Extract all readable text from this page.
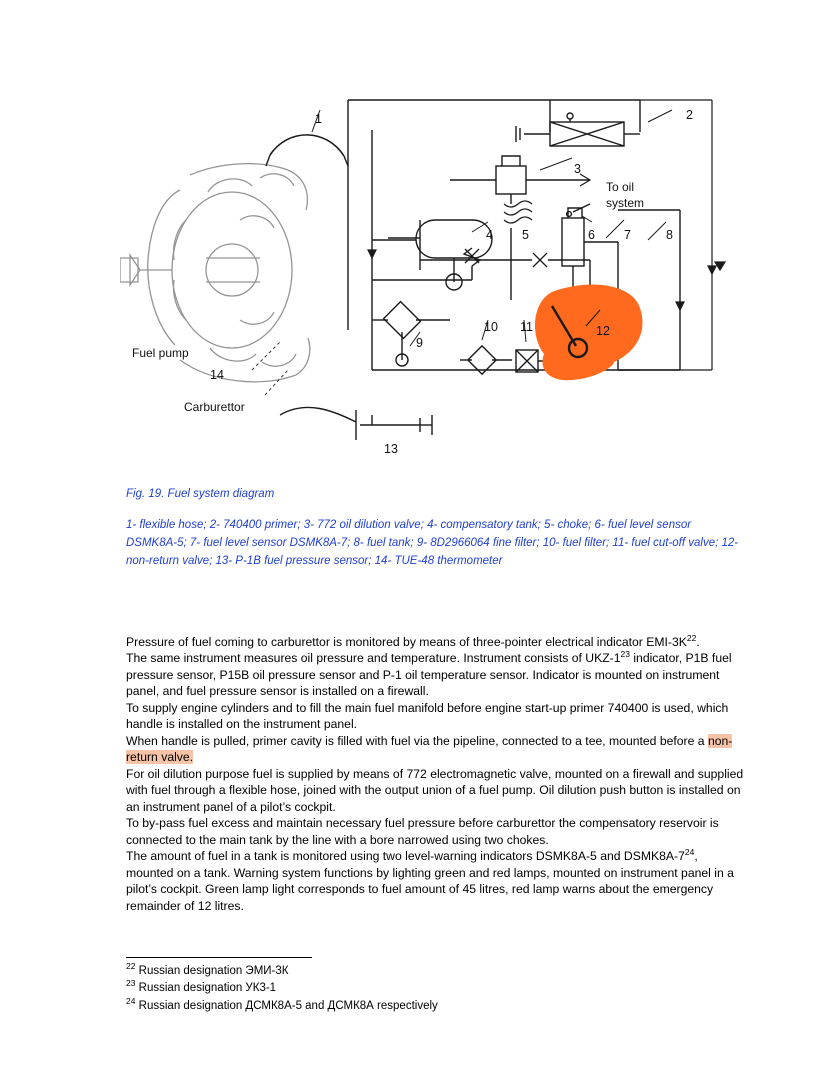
1	2
3
4 5	6 7	8
9
10 11	12
13
14
To oil
system
Fuel pump
Carburettor
Fig. 19. Fuel system diagram
1- flexible hose; 2- 740400 primer; 3- 772 oil dilution valve; 4- compensatory tank; 5- choke; 6- fuel level sensor DSMK8A-5; 7- fuel level sensor DSMK8A-7; 8- fuel tank; 9- 8D2966064 fine filter; 10- fuel filter; 11- fuel cut-off valve; 12- non-return valve; 13- P-1B fuel pressure sensor; 14- TUE-48 thermometer

Pressure of fuel coming to carburettor is monitored by means of three-pointer electrical indicator EMI-$3K^{22}$.
The same instrument measures oil pressure and temperature. Instrument consists of UKZ-$1^{23}$ indicator, P1B fuel pressure sensor, P15B oil pressure sensor and P-1 oil temperature sensor. Indicator is mounted on instrument panel, and fuel pressure sensor is installed on a firewall.

To supply engine cylinders and to fill the main fuel manifold before engine start-up primer 740400 is used, which handle is installed on the instrument panel.

When handle is pulled, primer cavity is filled with fuel via the pipeline, connected to a tee, mounted before a non-return valve.

For oil dilution purpose fuel is supplied by means of 772 electromagnetic valve, mounted on a firewall and supplied with fuel through a flexible hose, joined with the output union of a fuel pump. Oil dilution push button is installed on an instrument panel of a pilot’s cockpit.

To by-pass fuel excess and maintain necessary fuel pressure before carburettor the compensatory reservoir is connected to the main tank by the line with a bore narrowed using two chokes.

The amount of fuel in a tank is monitored using two level-warning indicators DSMK8A-5 and $DSMK8A-7^{24}$, mounted on a tank. Warning system functions by lighting green and red lamps, mounted on instrument panel in a pilot’s cockpit. Green lamp light corresponds to fuel amount of 45 litres, red lamp warns about the emergency remainder of 12 litres.

$^{22}$ Russian designation ЭМИ-3К
$^{23}$ Russian designation УК3-1
$^{24}$ Russian designation ДСМК8А-5 and ДСМК8А respectively
